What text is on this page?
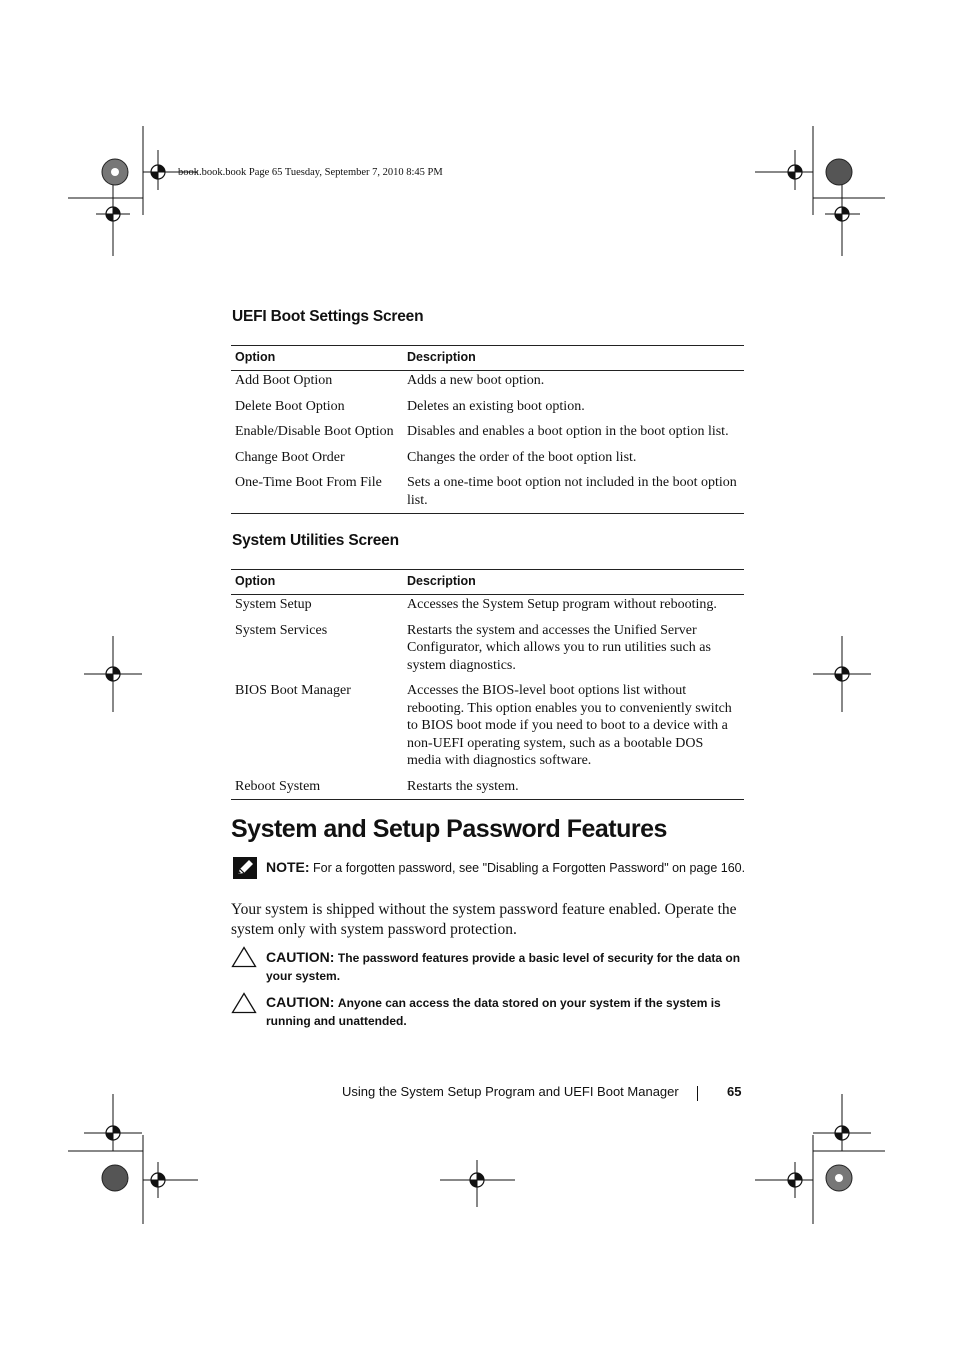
book.book.book Page 65 Tuesday, September 7, 2010 8:45 PM
UEFI Boot Settings Screen
Option	Description
Add Boot Option	Adds a new boot option.
Delete Boot Option	Deletes an existing boot option.
Enable/Disable Boot Option	Disables and enables a boot option in the boot option list.
Change Boot Order	Changes the order of the boot option list.
One-Time Boot From File	Sets a one-time boot option not included in the boot option list.
System Utilities Screen
Option	Description
System Setup	Accesses the System Setup program without rebooting.
System Services	Restarts the system and accesses the Unified Server Configurator, which allows you to run utilities such as system diagnostics.
BIOS Boot Manager	Accesses the BIOS-level boot options list without rebooting. This option enables you to conveniently switch to BIOS boot mode if you need to boot to a device with a non-UEFI operating system, such as a bootable DOS media with diagnostics software.
Reboot System	Restarts the system.
System and Setup Password Features
NOTE: For a forgotten password, see "Disabling a Forgotten Password" on page 160.
Your system is shipped without the system password feature enabled. Operate the system only with system password protection.
CAUTION: The password features provide a basic level of security for the data on your system.
CAUTION: Anyone can access the data stored on your system if the system is running and unattended.
Using the System Setup Program and UEFI Boot Manager	65
